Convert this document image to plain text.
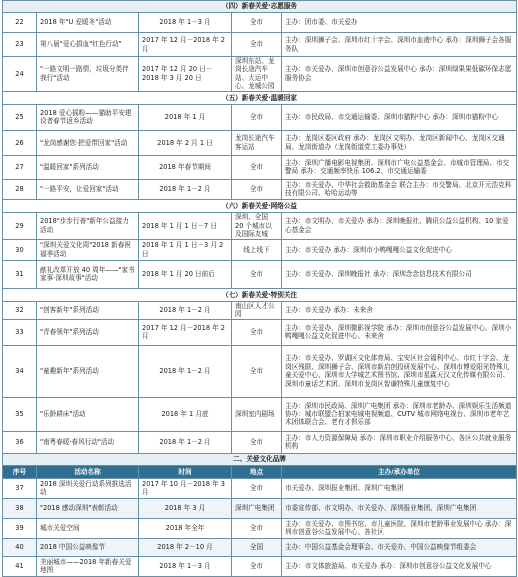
（四）新春关爱·志愿服务				
22	2018 年"U 爱暖冬"活动	2018 年 1－3 月	全市	主办：团市委、市关爱办
23	第八届"爱心捐血"红色行动"	2017 年 12 月－2018 年 2 月	全市	主办：深圳狮子会、深圳市红十字会、深圳市血液中心 承办：深圳狮子会各服务队
24	"一路文明一路情，垃圾分类伴我行"活动	2017 年 12 月 20 日－2018 年 3 月 20 日	深圳东站、龙岗长途汽车站、大运中心、龙城公园	主办：市关爱办、深圳市创意谷公益发展中心 承办：深圳绿果果低碳环保志愿服务协会
（五）新春关爱·温暖回家				
25	2018 爱心摇粉——猫助平安建设者春节返乡活动	2018 年 1 月	全市	主办：市民政局、市交通运输委、深圳市猫粉中心 承办：深圳市猫粉中心
26	"龙岗感谢您·把爱带回家"活动	2018 年 2 月 1 日	龙岗长途汽车客运站	主办：龙岗区委区政府 承办：龙岗区文明办、龙岗区新闻中心、龙岗区交通局、龙岗街道办（龙岗街道党工委办事处）
27	"温暖回家"系列活动	2018 年春节期间	全市	主办：深圳广播电影电视集团、深圳市广电公益基金会、市城市管理局、市交警局 承办：交通频率快乐 106.2、市交通运输委
28	"一路平安，让爱回家"活动	2018 年 1－2 月	全市	主办：市关爱办、中华社会救助基金会 联合主办：市交警局、北京开元浩克科技有限公司、哈哈运动等
（六）新春关爱·网络公益				
29	2018"步步行善"新年公益接力活动	2018 年 1 月 1 日－7 日	深圳、全国 20 个城市以及国际友城	主办：市文明办、市关爱办 承办：深圳晚报社、腾讯公益公益机构、10 家爱心基金会
30	"深圳关爱文化周"2018 新春祝福季活动	2018 年 1 月 1 日－3 月 2 日	线上线下	主办：市关爱办 承办：深圳市小鸭嘎嘎公益文化促进中心
31	献礼改革开放 40 周年——"家书 家事·深圳故事"活动	2018 年 1 月 20 日前后	全市	主办：市关爱办、深圳晚报社 承办：深圳念念信息技术有限公司
（七）新春关爱·特别关注				
32	"创客新年"系列活动	2018 年 1－2 月	南山区人才公园	主办：市关爱办 承办：未来舍
33	"青春领年"系列活动	2017 年 12 月－2018 年 2 月	全市	主办：市关爱办、深圳微影视学院 承办：深圳市创意谷公益发展中心、深圳小鸭嘎嘎公益文化促进中心、未来舍
34	"童趣新年"系列活动	2018 年 1－2 月	全市	主办：市关爱办、罗湖区文化体育局、宝安区社会福利中心、市红十字会、龙岗区残联、深圳狮子会、深圳市新启创投研发展中心、深圳市博爱阳光特殊儿童关爱中心、深圳市大学城艺术图书馆、深圳市星霖天汉文化传媒有限公司、深圳市童话艺术团、深圳市龙岗区智谦特殊儿童康复中心
35	"乐龄耕床"活动	2018 年 1 月底	深圳室内剧场	主办：深圳市民政局、深圳广电集团 承办：深圳市老龄办、深圳娱乐生活频道 协办：城市联盟合拍家电城电视频道、CUTV 城市网络电视台、深圳市老年艺术团体联合会、老有才俱乐部
36	"南粤春暖·春风行动"活动	2018 年 1－2 月	全市	主办：市人力资源保障局 承办：深圳市职业介绍服务中心、各区公共就业服务机构
二、关爱文化品牌				
序号	活动名称	时间	地点	主办/承办单位
37	2018 深圳关爱行动系列推选活动	2017 年 10 月－2018 年 3 月	全市	市关爱办、深圳报业集团、深圳广电集团
38	"2018 感动深圳"表彰活动	2018 年 3 月	深圳广电集团	市委宣传部、市文明办、市关爱办、深圳报业集团、深圳广电集团
39	城市关爱空间	2018 年全年	全市	主办：市关爱办、市图书馆、市儿童医院、深圳市老龄事业发展中心 承办：深圳市创意谷公益发展中心、各社区
40	2018 中国公益映像节	2018 年 2－10 月	全国	主办：中国公益基金会理事会、市关爱办、中国公益映像节组委会
41	美丽城市——2018 年新春关爱地图	2018 年 1－3 月	全市	主办：市文体旅游局、市关爱办 承办：深圳市创意谷公益文化发展中心
